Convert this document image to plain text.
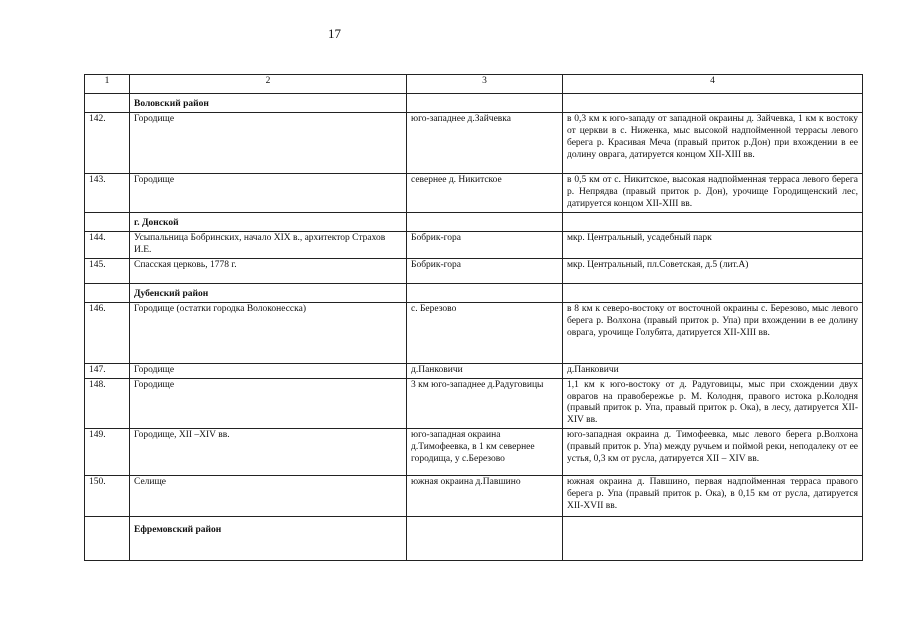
17
1	2	3	4
	Воловский район		
142.	Городище	юго-западнее д.Зайчевка	в 0,3 км к юго-западу от западной окраины д. Зайчевка, 1 км к востоку от церкви в с. Ниженка, мыс высокой надпойменной террасы левого берега р. Красивая Меча (правый приток р.Дон) при вхождении в ее долину оврага, датируется концом XII-XIII вв.
143.	Городище	севернее д. Никитское	в 0,5 км от с. Никитское, высокая надпойменная терраса левого берега р. Непрядва (правый приток р. Дон), урочище Городищенский лес, датируется концом XII-XIII вв.
	г. Донской		
144.	Усыпальница Бобринских, начало XIX в., архитектор Страхов И.Е.	Бобрик-гора	мкр. Центральный, усадебный парк
145.	Спасская церковь, 1778 г.	Бобрик-гора	мкр. Центральный, пл.Советская, д.5 (лит.А)
	Дубенский район		
146.	Городище (остатки городка Волоконесска)	с. Березово	в 8 км к северо-востоку от восточной окраины с. Березово, мыс левого берега р. Волхона (правый приток р. Упа) при вхождении в ее долину оврага, урочище Голубята, датируется XII-XIII вв.
147.	Городище	д.Панковичи	д.Панковичи
148.	Городище	3 км юго-западнее д.Радуговицы	1,1 км к юго-востоку от д. Радуговицы, мыс при схождении двух оврагов на правобережье р. М. Колодня, правого истока р.Колодня (правый приток р. Упа, правый приток р. Ока), в лесу, датируется XII-XIV вв.
149.	Городище, XII –XIV вв.	юго-западная окраина д.Тимофеевка, в 1 км севернее городища, у с.Березово	юго-западная окраина д. Тимофеевка, мыс левого берега р.Волхона (правый приток р. Упа) между ручьем и поймой реки, неподалеку от ее устья, 0,3 км от русла, датируется XII – XIV вв.
150.	Селище	южная окраина д.Павшино	южная окраина д. Павшино, первая надпойменная терраса правого берега р. Упа (правый приток р. Ока), в 0,15 км от русла, датируется XII-XVII вв.
	Ефремовский район		
